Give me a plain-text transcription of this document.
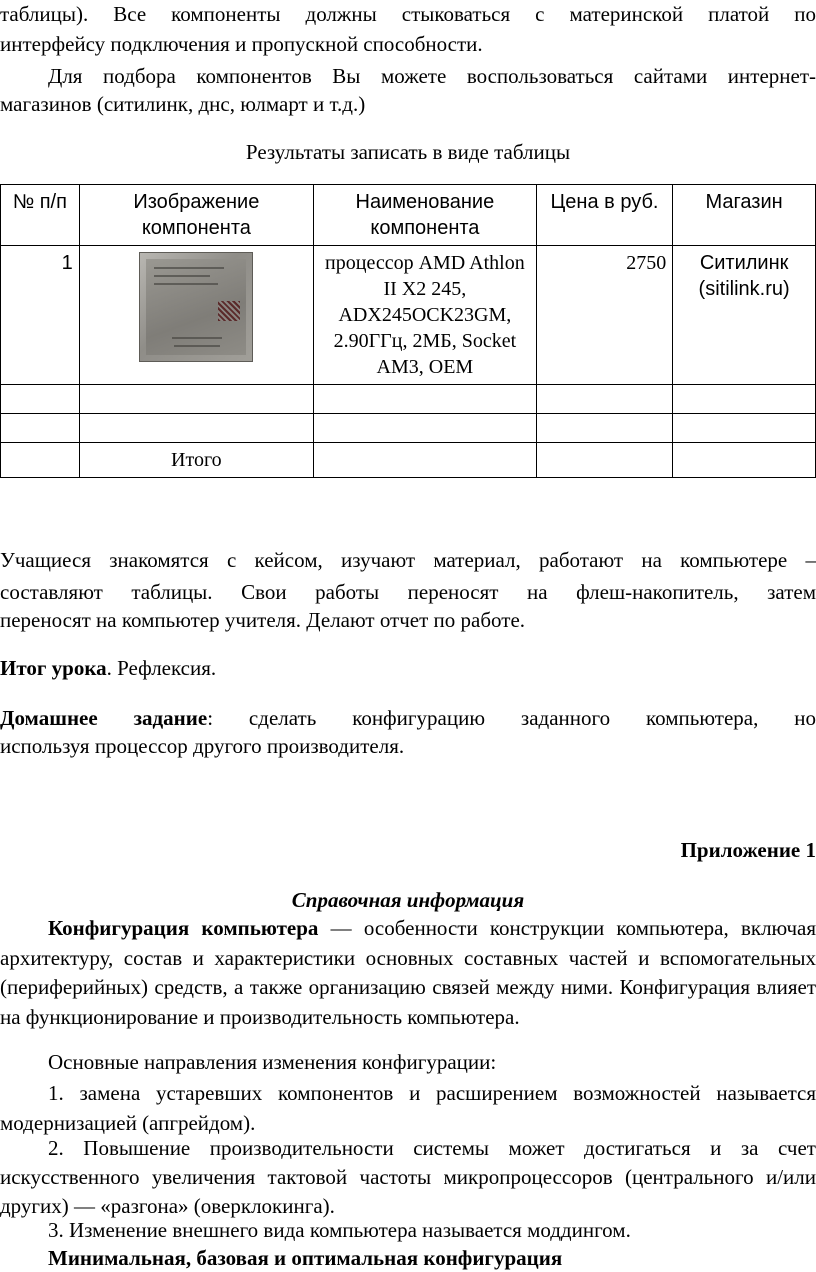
таблицы). Все компоненты должны стыковаться с материнской платой по

интерфейсу подключения и пропускной способности.

Для подбора компонентов Вы можете воспользоваться сайтами интернет-

магазинов (ситилинк, днс, юлмарт и т.д.)

Результаты записать в виде таблицы

№ п/п	Изображение компонента	Наименование компонента	Цена в руб.	Магазин
1		процессор AMD Athlon II X2 245, ADX245OCK23GM, 2.90ГГц, 2МБ, Socket AM3, OEM	2750	Ситилинк (sitilink.ru)

	Итого			

Учащиеся знакомятся с кейсом, изучают материал, работают на компьютере –

составляют таблицы. Свои работы переносят на флеш-накопитель, затем

переносят на компьютер учителя. Делают отчет по работе.

Итог урока. Рефлексия.

Домашнее задание: сделать конфигурацию заданного компьютера, но

используя процессор другого производителя.

Приложение 1

Справочная информация

Конфигурация компьютера — особенности конструкции компьютера, включая архитектуру, состав и характеристики основных составных частей и вспомогательных (периферийных) средств, а также организацию связей между ними. Конфигурация влияет на функционирование и производительность компьютера.

Основные направления изменения конфигурации:

1. замена устаревших компонентов и расширением возможностей называется модернизацией (апгрейдом).

2. Повышение производительности системы может достигаться и за счет искусственного увеличения тактовой частоты микропроцессоров (центрального и/или других) — «разгона» (оверклокинга).

3. Изменение внешнего вида компьютера называется моддингом.

Минимальная, базовая и оптимальная конфигурация
